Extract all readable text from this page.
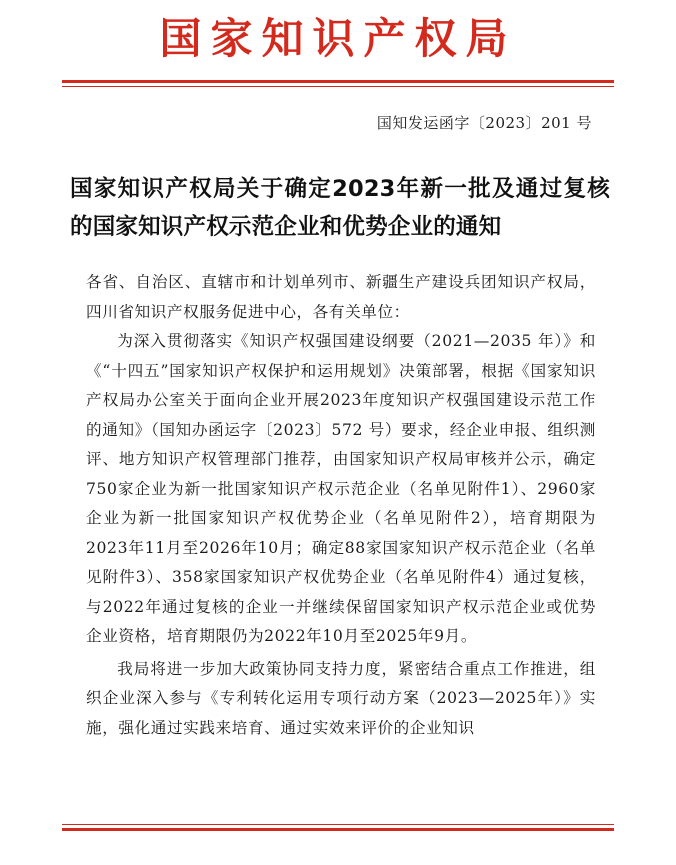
国家知识产权局
国知发运函字〔2023〕201 号
国家知识产权局关于确定2023年新一批及通过复核的国家知识产权示范企业和优势企业的通知

各省、自治区、直辖市和计划单列市、新疆生产建设兵团知识产权局，四川省知识产权服务促进中心，各有关单位：

为深入贯彻落实《知识产权强国建设纲要（2021—2035 年）》和《“十四五”国家知识产权保护和运用规划》决策部署，根据《国家知识产权局办公室关于面向企业开展2023年度知识产权强国建设示范工作的通知》（国知办函运字〔2023〕572 号）要求，经企业申报、组织测评、地方知识产权管理部门推荐，由国家知识产权局审核并公示，确定750家企业为新一批国家知识产权示范企业（名单见附件1）、2960家企业为新一批国家知识产权优势企业（名单见附件2），培育期限为2023年11月至2026年10月；确定88家国家知识产权示范企业（名单见附件3）、358家国家知识产权优势企业（名单见附件4）通过复核，与2022年通过复核的企业一并继续保留国家知识产权示范企业或优势企业资格，培育期限仍为2022年10月至2025年9月。

我局将进一步加大政策协同支持力度，紧密结合重点工作推进，组织企业深入参与《专利转化运用专项行动方案（2023—2025年）》实施，强化通过实践来培育、通过实效来评价的企业知识
